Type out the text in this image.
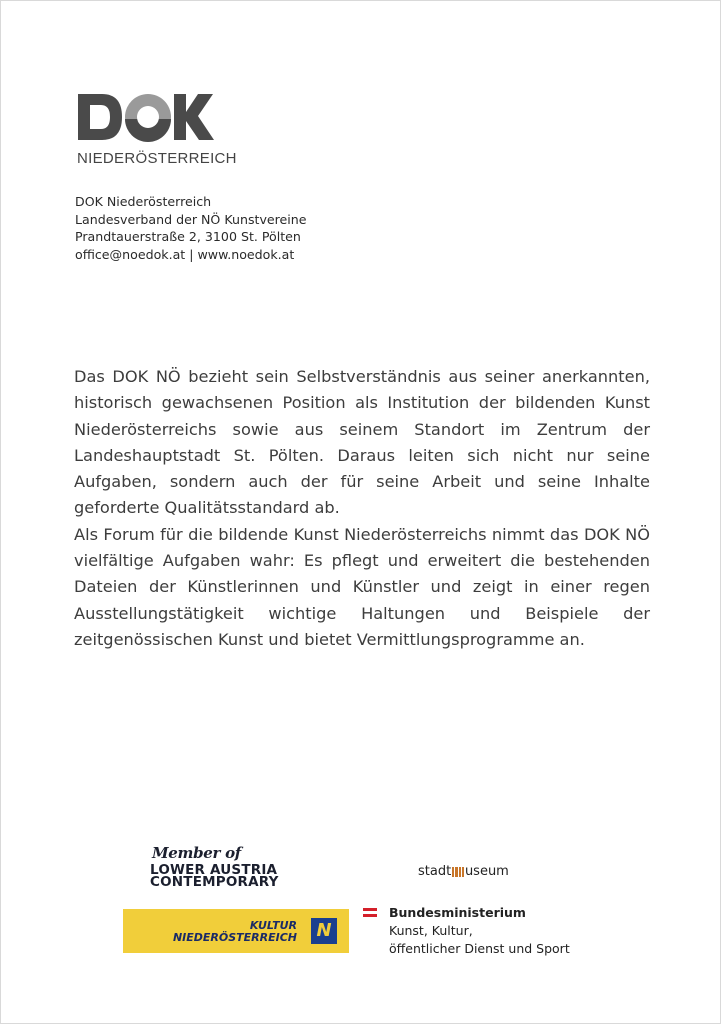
NIEDERÖSTERREICH
DOK Niederösterreich
Landesverband der NÖ Kunstvereine
Prandtauerstraße 2, 3100 St. Pölten
office@noedok.at | www.noedok.at

Das DOK NÖ bezieht sein Selbstverständnis aus seiner anerkannten, historisch gewachsenen Position als Institution der bildenden Kunst Niederösterreichs sowie aus seinem Standort im Zentrum der Landeshauptstadt St. Pölten. Daraus leiten sich nicht nur seine Aufgaben, sondern auch der für seine Arbeit und seine Inhalte geforderte Qualitätsstandard ab.

Als Forum für die bildende Kunst Niederösterreichs nimmt das DOK NÖ vielfältige Aufgaben wahr: Es pflegt und erweitert die bestehenden Dateien der Künstlerinnen und Künstler und zeigt in einer regen Ausstellungstätigkeit wichtige Haltungen und Beispiele der zeitgenössischen Kunst und bietet Vermittlungsprogramme an.

Member of
LOWER AUSTRIA
CONTEMPORARY
stadt useum
KULTUR
NIEDERÖSTERREICH	N
Bundesministerium
Kunst, Kultur,
öffentlicher Dienst und Sport
